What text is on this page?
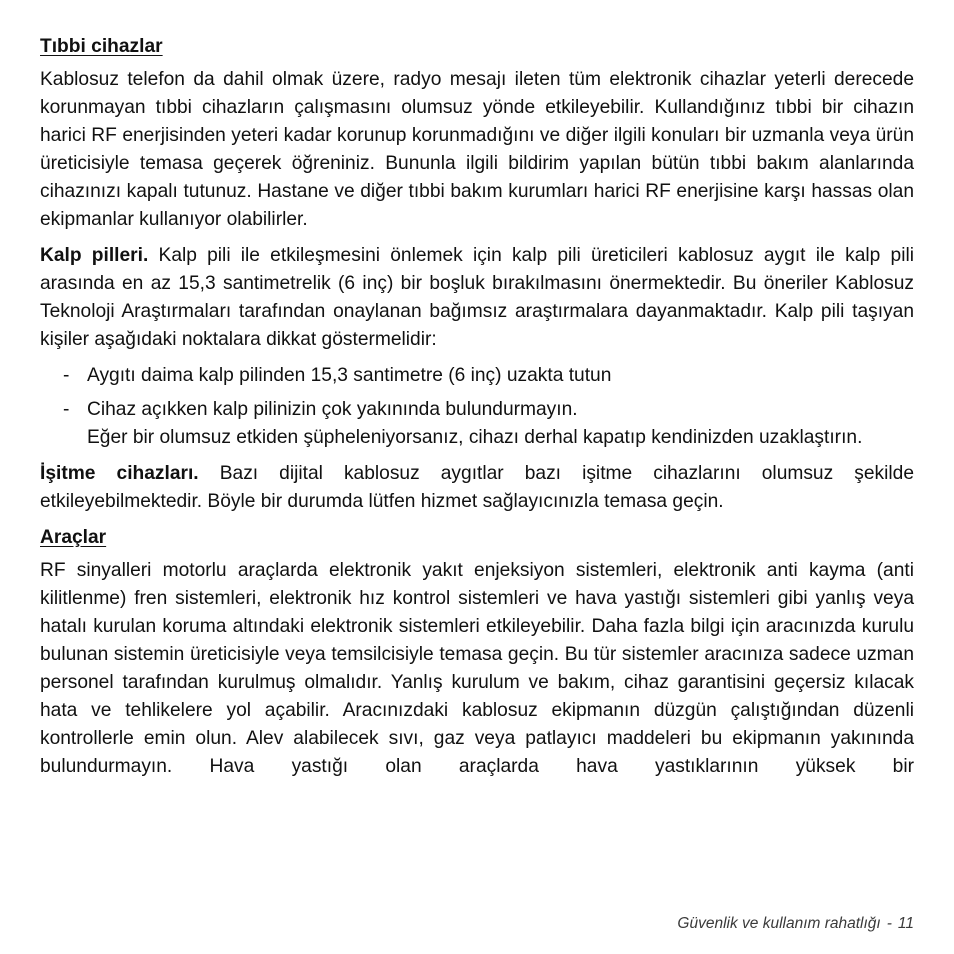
Tıbbi cihazlar

Kablosuz telefon da dahil olmak üzere, radyo mesajı ileten tüm elektronik cihazlar yeterli derecede korunmayan tıbbi cihazların çalışmasını olumsuz yönde etkileyebilir. Kullandığınız tıbbi bir cihazın harici RF enerjisinden yeteri kadar korunup korunmadığını ve diğer ilgili konuları bir uzmanla veya ürün üreticisiyle temasa geçerek öğreniniz. Bununla ilgili bildirim yapılan bütün tıbbi bakım alanlarında cihazınızı kapalı tutunuz. Hastane ve diğer tıbbi bakım kurumları harici RF enerjisine karşı hassas olan ekipmanlar kullanıyor olabilirler.

Kalp pilleri. Kalp pili ile etkileşmesini önlemek için kalp pili üreticileri kablosuz aygıt ile kalp pili arasında en az 15,3 santimetrelik (6 inç) bir boşluk bırakılmasını önermektedir. Bu öneriler Kablosuz Teknoloji Araştırmaları tarafından onaylanan bağımsız araştırmalara dayanmaktadır. Kalp pili taşıyan kişiler aşağıdaki noktalara dikkat göstermelidir:

- Aygıtı daima kalp pilinden 15,3 santimetre (6 inç) uzakta tutun
- Cihaz açıkken kalp pilinizin çok yakınında bulundurmayın.
Eğer bir olumsuz etkiden şüpheleniyorsanız, cihazı derhal kapatıp kendinizden uzaklaştırın.

İşitme cihazları. Bazı dijital kablosuz aygıtlar bazı işitme cihazlarını olumsuz şekilde etkileyebilmektedir. Böyle bir durumda lütfen hizmet sağlayıcınızla temasa geçin.

Araçlar

RF sinyalleri motorlu araçlarda elektronik yakıt enjeksiyon sistemleri, elektronik anti kayma (anti kilitlenme) fren sistemleri, elektronik hız kontrol sistemleri ve hava yastığı sistemleri gibi yanlış veya hatalı kurulan koruma altındaki elektronik sistemleri etkileyebilir. Daha fazla bilgi için aracınızda kurulu bulunan sistemin üreticisiyle veya temsilcisiyle temasa geçin. Bu tür sistemler aracınıza sadece uzman personel tarafından kurulmuş olmalıdır. Yanlış kurulum ve bakım, cihaz garantisini geçersiz kılacak hata ve tehlikelere yol açabilir. Aracınızdaki kablosuz ekipmanın düzgün çalıştığından düzenli kontrollerle emin olun. Alev alabilecek sıvı, gaz veya patlayıcı maddeleri bu ekipmanın yakınında bulundurmayın. Hava yastığı olan araçlarda hava yastıklarının yüksek bir

Güvenlik ve kullanım rahatlığı - 11
